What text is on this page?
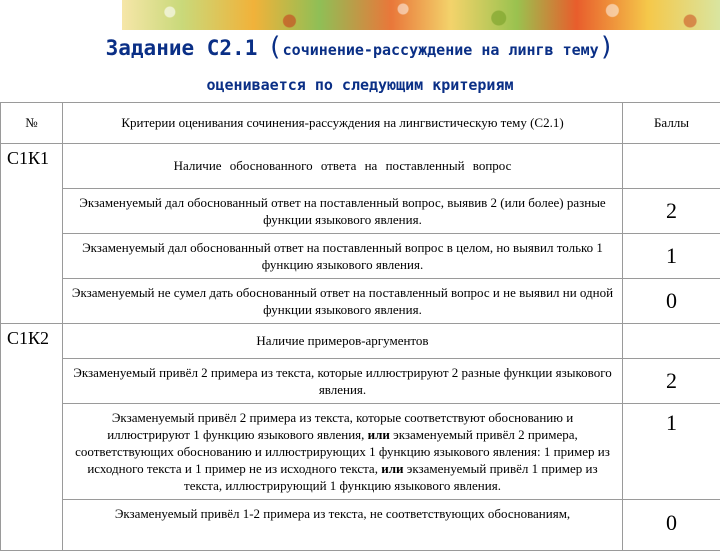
Задание С2.1 (сочинение-рассуждение на лингв тему)
оценивается по следующим критериям
№	Критерии оценивания сочинения-рассуждения на лингвистическую тему (С2.1)	Баллы
С1К1	Наличие обоснованного ответа на поставленный вопрос	
	Экзаменуемый дал обоснованный ответ на поставленный вопрос, выявив 2 (или более) разные функции языкового явления.	2
	Экзаменуемый дал обоснованный ответ на поставленный вопрос в целом, но выявил только 1 функцию языкового явления.	1
	Экзаменуемый не сумел дать обоснованный ответ на поставленный вопрос и не выявил ни одной функции языкового явления.	0
С1К2	Наличие примеров-аргументов	
	Экзаменуемый привёл 2 примера из текста, которые иллюстрируют 2 разные функции языкового явления.	2
	Экзаменуемый привёл 2 примера из текста, которые соответствуют обоснованию и иллюстрируют 1 функцию языкового явления, или экзаменуемый привёл 2 примера, соответствующих обоснованию и иллюстрирующих 1 функцию языкового явления: 1 пример из исходного текста и 1 пример не из исходного текста, или экзаменуемый привёл 1 пример из текста, иллюстрирующий 1 функцию языкового явления.	1
	Экзаменуемый привёл 1-2 примера из текста, не соответствующих обоснованиям,	0
